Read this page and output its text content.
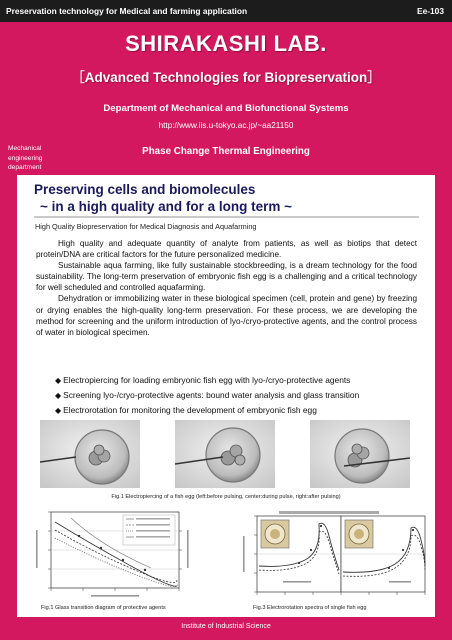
Preservation technology for Medical and farming application	Ee-103
SHIRAKASHI LAB.
［Advanced Technologies for Biopreservation］
Department of Mechanical and Biofunctional Systems
http://www.iis.u-tokyo.ac.jp/~aa21150
Mechanical
engineering
department
Phase Change Thermal Engineering
Preserving cells and biomolecules
~ in a high quality and for a long term ~
High Quality Biopreservation for Medical Diagnosis and Aquafarming

High quality and adequate quantity of analyte from patients, as well as biotips that detect protein/DNA are critical factors for the future personalized medicine.

Sustainable aqua farming, like fully sustainable stockbreeding, is a dream technology for the food sustainability. The long-term preservation of embryonic fish egg is a challenging and a critical technology for well scheduled and controlled aquafarming.

Dehydration or immobilizing water in these biological specimen (cell, protein and gene) by freezing or drying enables the high-quality long-term preservation. For these process, we are developing the method for screening and the uniform introduction of lyo-/cryo-protective agents, and the control process of water in biological specimen.

◆ Electropiercing for loading embryonic fish egg with lyo-/cryo-protective agents
◆ Screening lyo-/cryo-protective agents: bound water analysis and glass transition
◆ Electrorotation for monitoring the development of embryonic fish egg
Fig.1 Electropiercing of a fish egg (left:before pulsing, center:during pulse, right:after pulsing)
Fig.1 Glass transition diagram of protective agents	Fig.3 Electrorotation spectra of single fish egg
Institute of Industrial Science
